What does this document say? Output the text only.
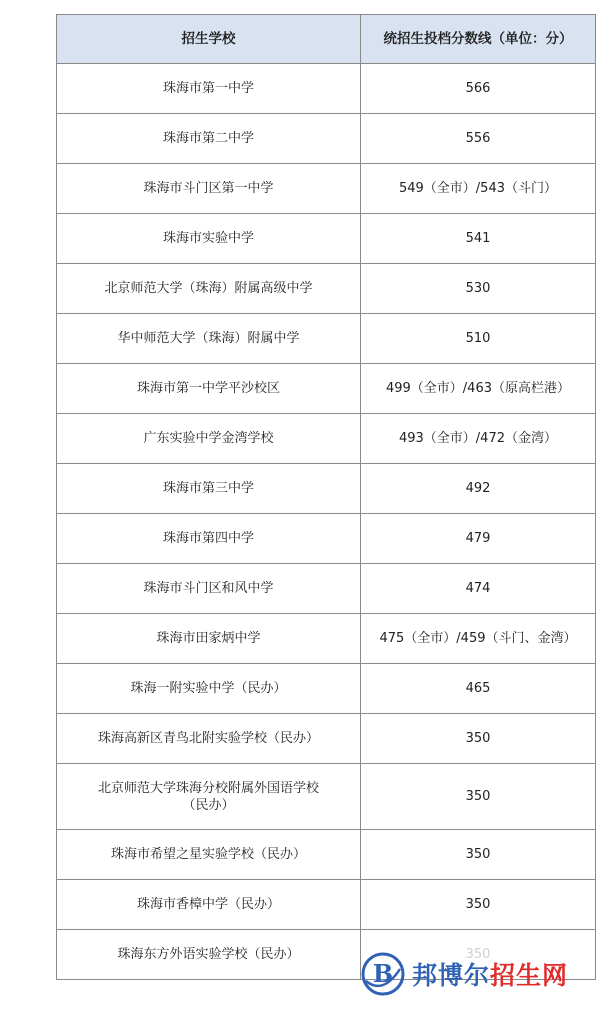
招生学校	统招生投档分数线（单位：分）
珠海市第一中学	566
珠海市第二中学	556
珠海市斗门区第一中学	549（全市）/543（斗门）
珠海市实验中学	541
北京师范大学（珠海）附属高级中学	530
华中师范大学（珠海）附属中学	510
珠海市第一中学平沙校区	499（全市）/463（原高栏港）
广东实验中学金湾学校	493（全市）/472（金湾）
珠海市第三中学	492
珠海市第四中学	479
珠海市斗门区和风中学	474
珠海市田家炳中学	475（全市）/459（斗门、金湾）
珠海一附实验中学（民办）	465
珠海高新区青鸟北附实验学校（民办）	350
北京师范大学珠海分校附属外国语学校
（民办）	350
珠海市希望之星实验学校（民办）	350
珠海市香樟中学（民办）	350
珠海东方外语实验学校（民办）	350
B 邦博尔招生网
